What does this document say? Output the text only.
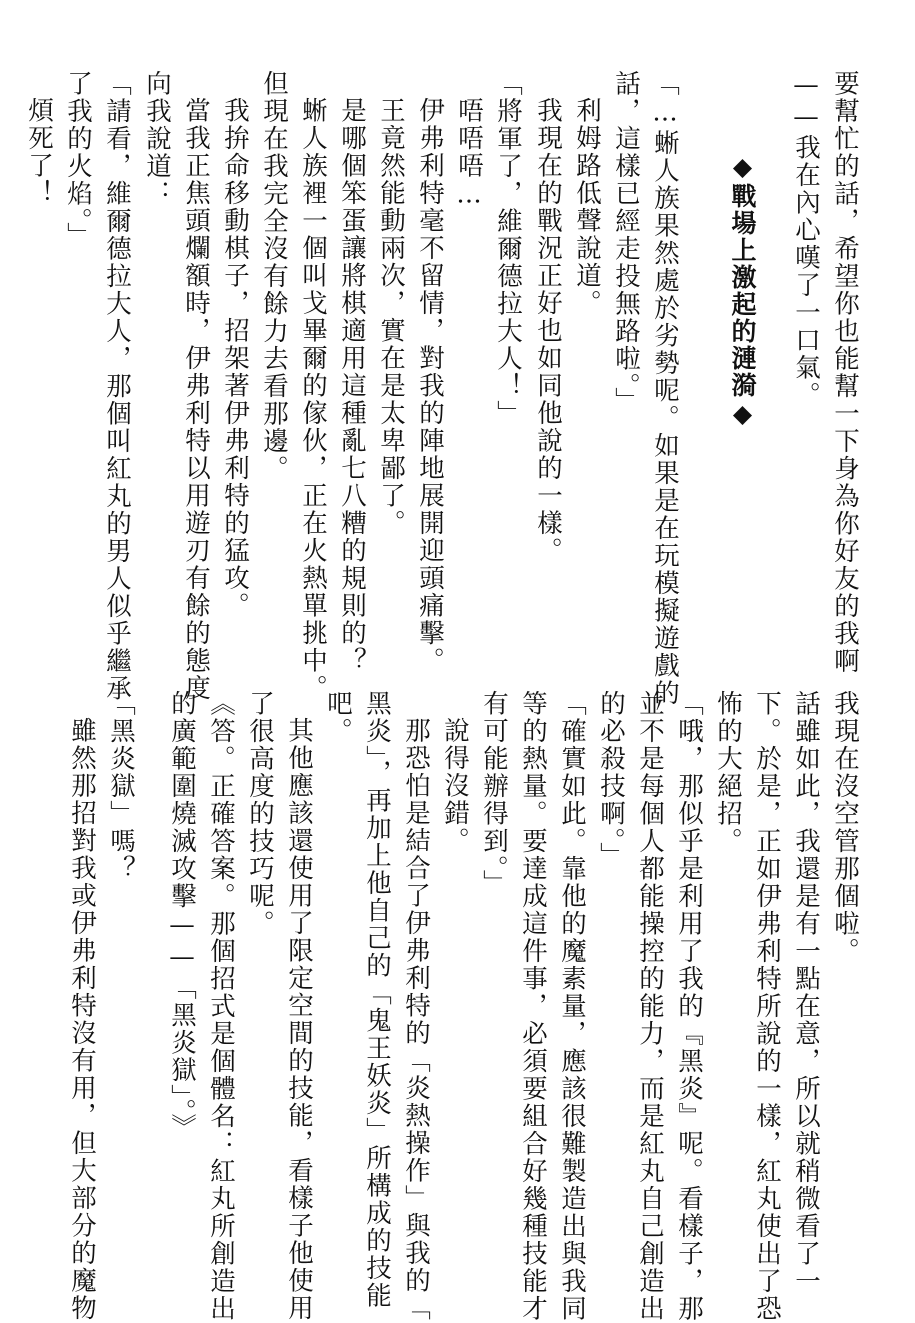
要幫忙的話，希望你也能幫一下身為你好友的我啊
——我在內心嘆了一口氣。
◆戰場上激起的漣漪◆
「…蜥人族果然處於劣勢呢。如果是在玩模擬遊戲的
話，這樣已經走投無路啦。」
利姆路低聲說道。
我現在的戰況正好也如同他說的一樣。
「將軍了，維爾德拉大人！」
唔唔唔…
伊弗利特毫不留情，對我的陣地展開迎頭痛擊。
王竟然能動兩次，實在是太卑鄙了。
是哪個笨蛋讓將棋適用這種亂七八糟的規則的？
蜥人族裡一個叫戈畢爾的傢伙，正在火熱單挑中。
但現在我完全沒有餘力去看那邊。
我拚命移動棋子，招架著伊弗利特的猛攻。
當我正焦頭爛額時，伊弗利特以用遊刃有餘的態度
向我說道：
「請看，維爾德拉大人，那個叫紅丸的男人似乎繼承
了我的火焰。」
煩死了！
我現在沒空管那個啦。
話雖如此，我還是有一點在意，所以就稍微看了一
下。於是，正如伊弗利特所說的一樣，紅丸使出了恐
怖的大絕招。
「哦，那似乎是利用了我的『黑炎』呢。看樣子，那
並不是每個人都能操控的能力，而是紅丸自己創造出
的必殺技啊。」
「確實如此。靠他的魔素量，應該很難製造出與我同
等的熱量。要達成這件事，必須要組合好幾種技能才
有可能辦得到。」
說得沒錯。
那恐怕是結合了伊弗利特的「炎熱操作」與我的「
黑炎」，再加上他自己的「鬼王妖炎」所構成的技能
吧。
其他應該還使用了限定空間的技能，看樣子他使用
了很高度的技巧呢。
《答。正確答案。那個招式是個體名：紅丸所創造出
的廣範圍燒滅攻擊——「黑炎獄」。》
「黑炎獄」嗎？
雖然那招對我或伊弗利特沒有用，但大部分的魔物
